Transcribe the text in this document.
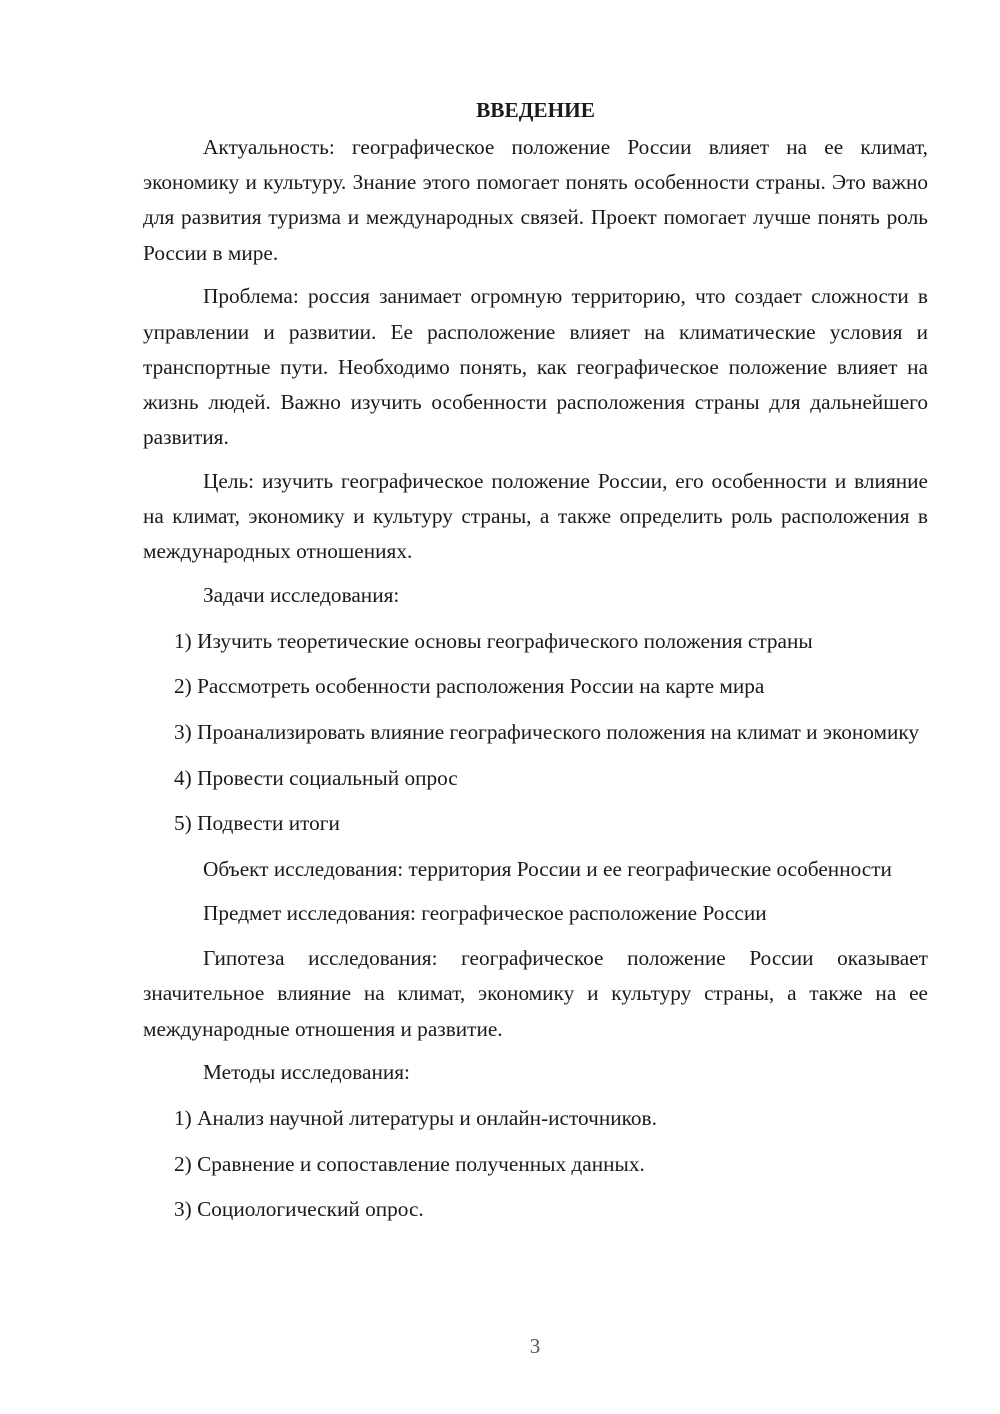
ВВЕДЕНИЕ

Актуальность: географическое положение России влияет на ее климат, экономику и культуру. Знание этого помогает понять особенности страны. Это важно для развития туризма и международных связей. Проект помогает лучше понять роль России в мире.

Проблема: россия занимает огромную территорию, что создает сложности в управлении и развитии. Ее расположение влияет на климатические условия и транспортные пути. Необходимо понять, как географическое положение влияет на жизнь людей. Важно изучить особенности расположения страны для дальнейшего развития.

Цель: изучить географическое положение России, его особенности и влияние на климат, экономику и культуру страны, а также определить роль расположения в международных отношениях.

Задачи исследования:

1) Изучить теоретические основы географического положения страны

2) Рассмотреть особенности расположения России на карте мира

3) Проанализировать влияние географического положения на климат и экономику

4) Провести социальный опрос

5) Подвести итоги

Объект исследования: территория России и ее географические особенности

Предмет исследования: географическое расположение России

Гипотеза исследования: географическое положение России оказывает значительное влияние на климат, экономику и культуру страны, а также на ее международные отношения и развитие.

Методы исследования:

1) Анализ научной литературы и онлайн-источников.

2) Сравнение и сопоставление полученных данных.

3) Социологический опрос.

3
